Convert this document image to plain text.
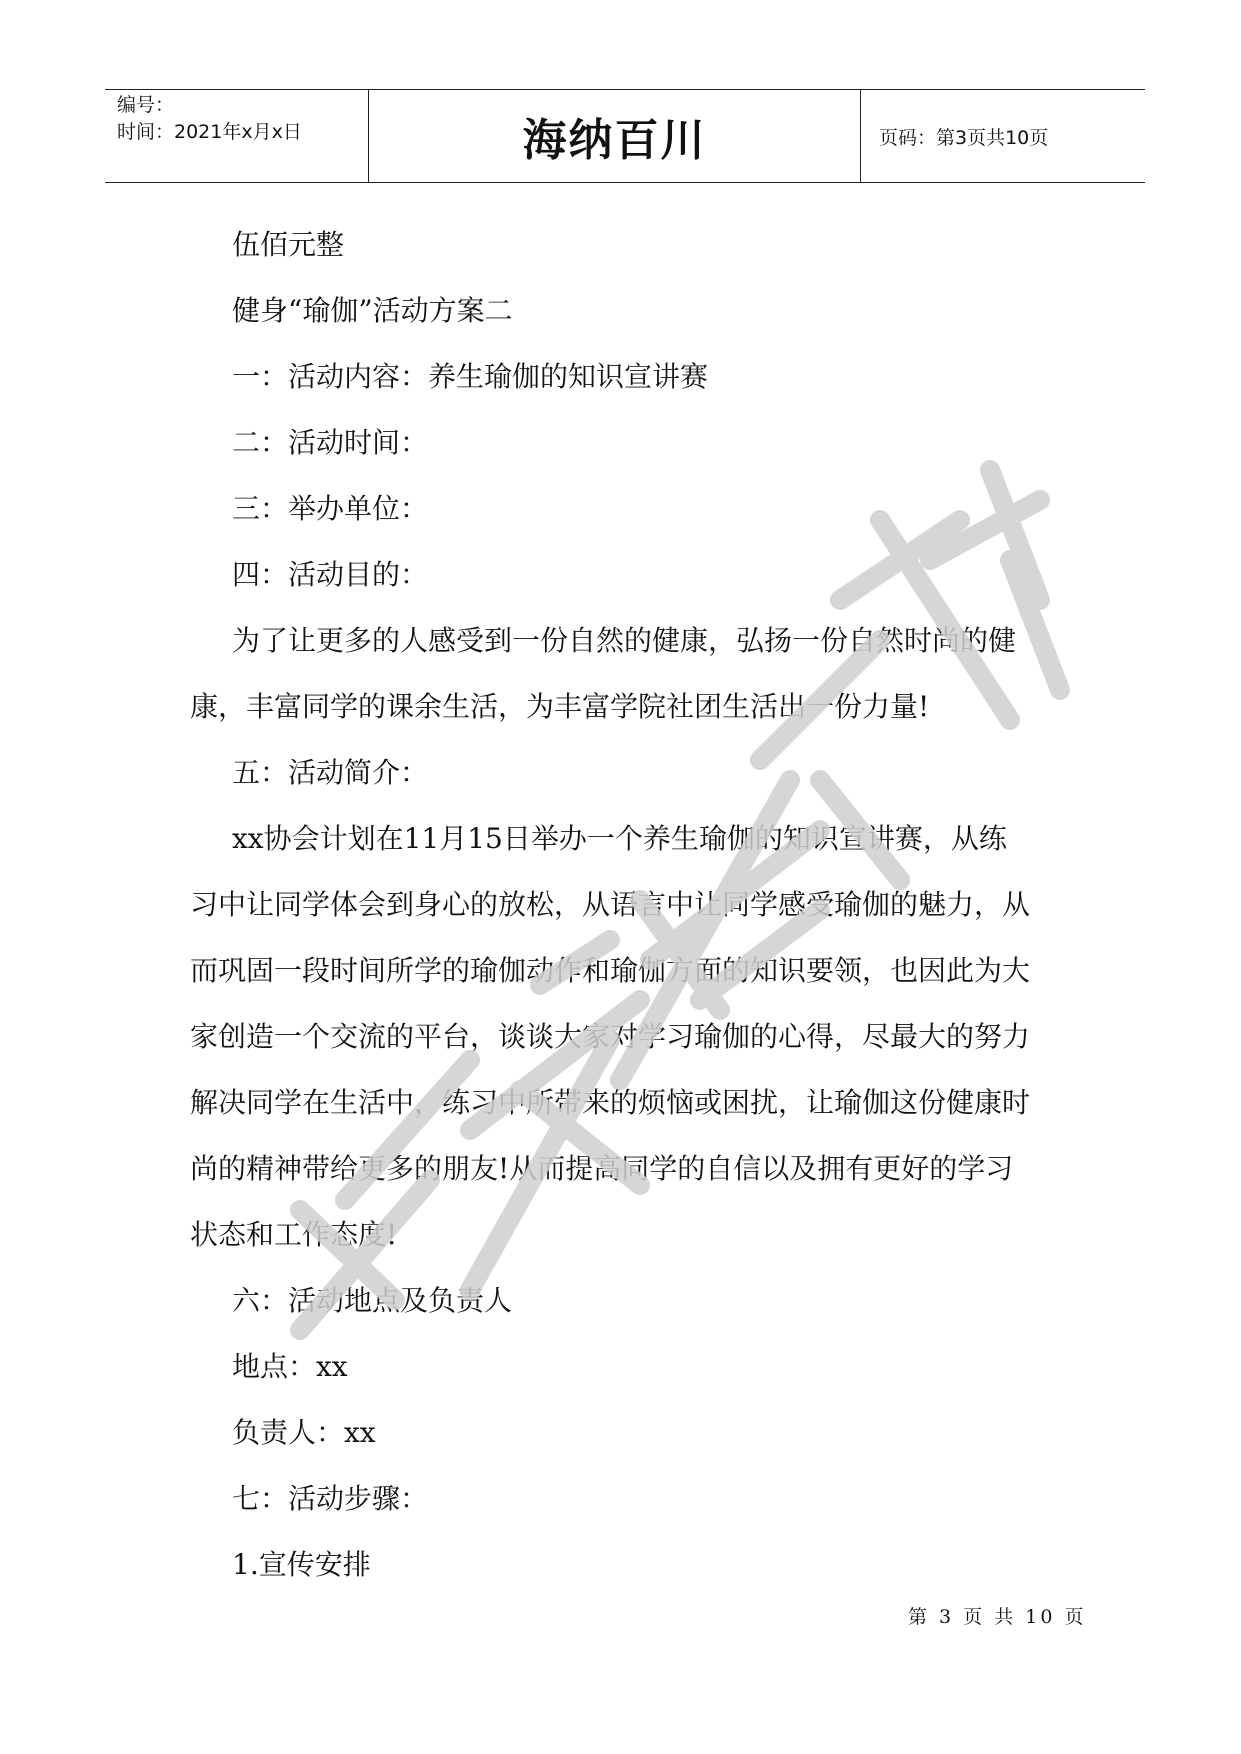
编号：
时间：2021年x月x日	海纳百川	页码：第3页共10页
伍佰元整
健身“瑜伽”活动方案二
一：活动内容：养生瑜伽的知识宣讲赛
二：活动时间：
三：举办单位：
四：活动目的：
为了让更多的人感受到一份自然的健康，弘扬一份自然时尚的健
康，丰富同学的课余生活，为丰富学院社团生活出一份力量!
五：活动简介：
xx协会计划在11月15日举办一个养生瑜伽的知识宣讲赛，从练
习中让同学体会到身心的放松，从语言中让同学感受瑜伽的魅力，从
而巩固一段时间所学的瑜伽动作和瑜伽方面的知识要领，也因此为大
家创造一个交流的平台，谈谈大家对学习瑜伽的心得，尽最大的努力
解决同学在生活中，练习中所带来的烦恼或困扰，让瑜伽这份健康时
尚的精神带给更多的朋友!从而提高同学的自信以及拥有更好的学习
状态和工作态度!
六：活动地点及负责人
地点：xx
负责人：xx
七：活动步骤：
1.宣传安排
第 3 页 共 10 页
